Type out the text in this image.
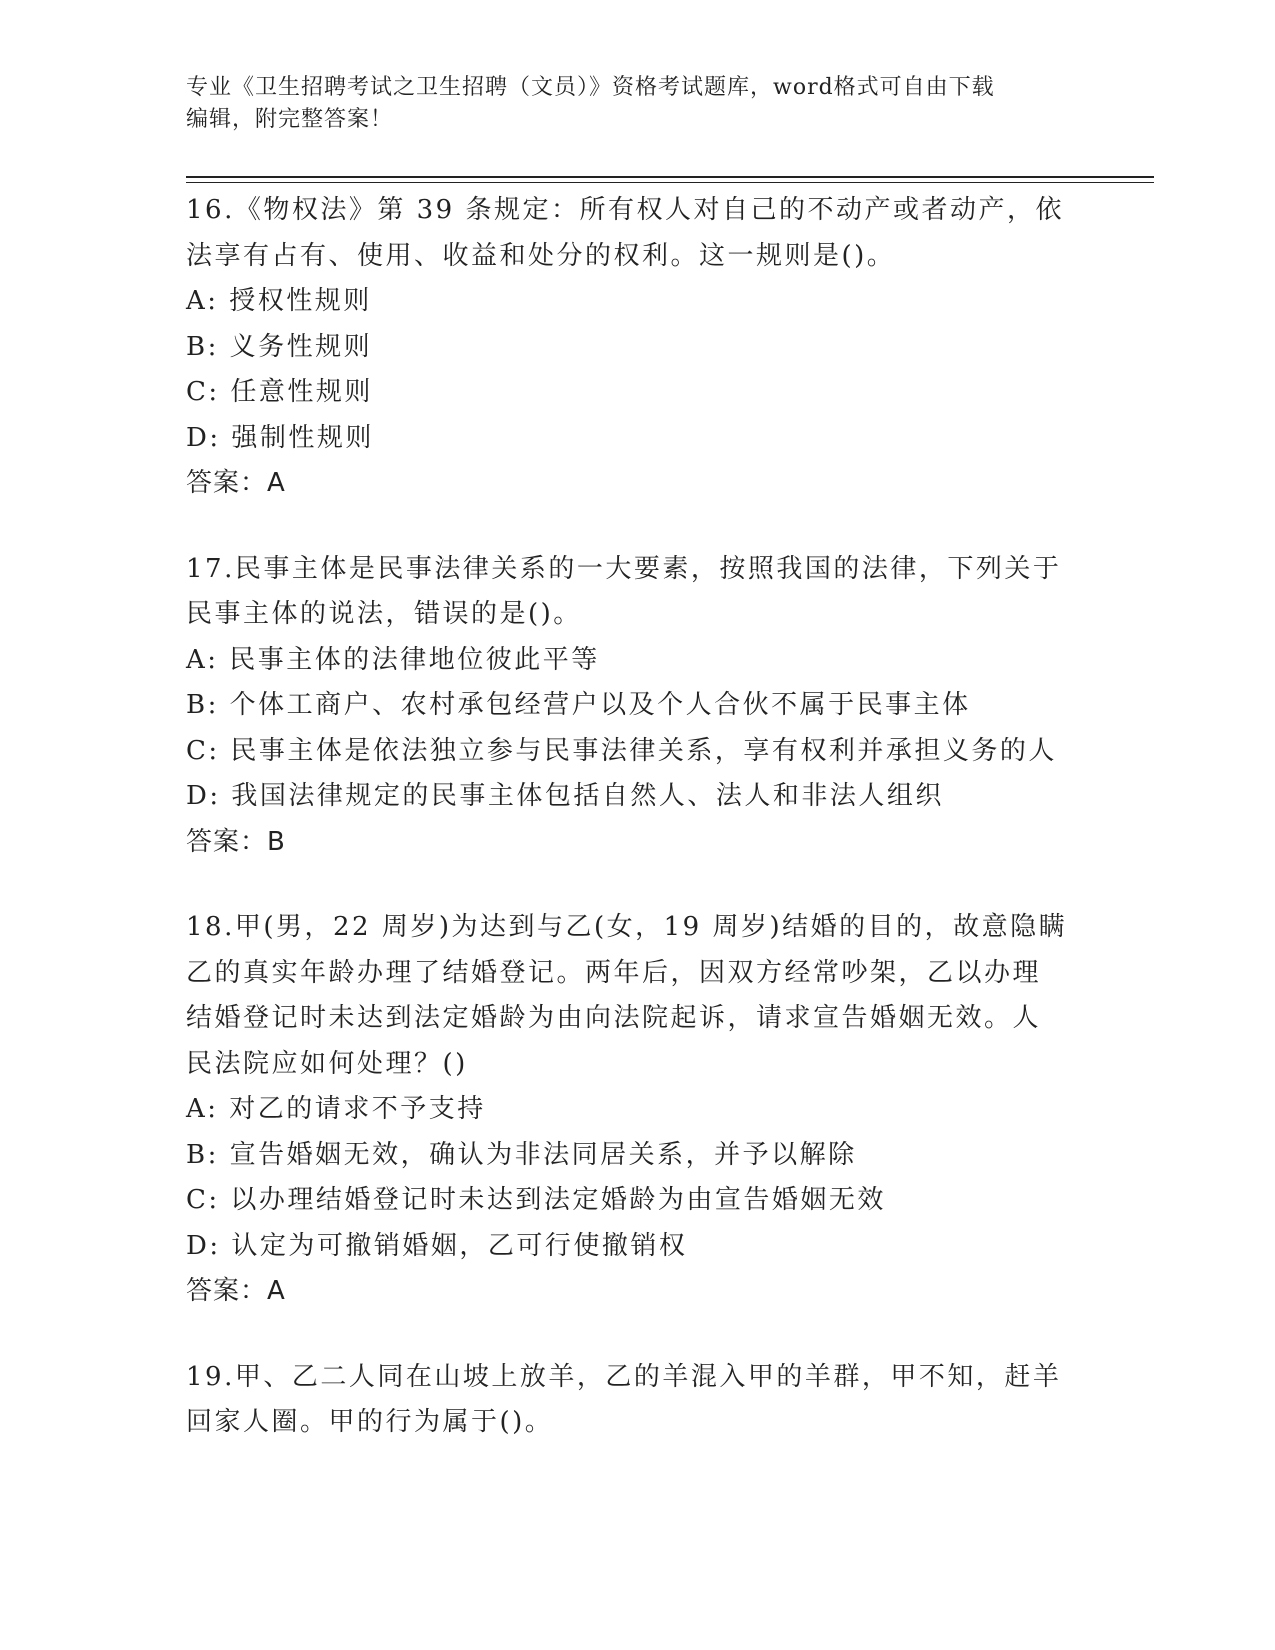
专业《卫生招聘考试之卫生招聘（文员）》资格考试题库，word格式可自由下载
编辑，附完整答案！

16.《物权法》第 39 条规定：所有权人对自己的不动产或者动产，依

法享有占有、使用、收益和处分的权利。这一规则是()。

A: 授权性规则

B: 义务性规则

C: 任意性规则

D: 强制性规则

答案：A

17.民事主体是民事法律关系的一大要素，按照我国的法律，下列关于

民事主体的说法，错误的是()。

A: 民事主体的法律地位彼此平等

B: 个体工商户、农村承包经营户以及个人合伙不属于民事主体

C: 民事主体是依法独立参与民事法律关系，享有权利并承担义务的人

D: 我国法律规定的民事主体包括自然人、法人和非法人组织

答案：B

18.甲(男，22 周岁)为达到与乙(女，19 周岁)结婚的目的，故意隐瞒

乙的真实年龄办理了结婚登记。两年后，因双方经常吵架，乙以办理

结婚登记时未达到法定婚龄为由向法院起诉，请求宣告婚姻无效。人

民法院应如何处理？()

A: 对乙的请求不予支持

B: 宣告婚姻无效，确认为非法同居关系，并予以解除

C: 以办理结婚登记时未达到法定婚龄为由宣告婚姻无效

D: 认定为可撤销婚姻，乙可行使撤销权

答案：A

19.甲、乙二人同在山坡上放羊，乙的羊混入甲的羊群，甲不知，赶羊

回家人圈。甲的行为属于()。
